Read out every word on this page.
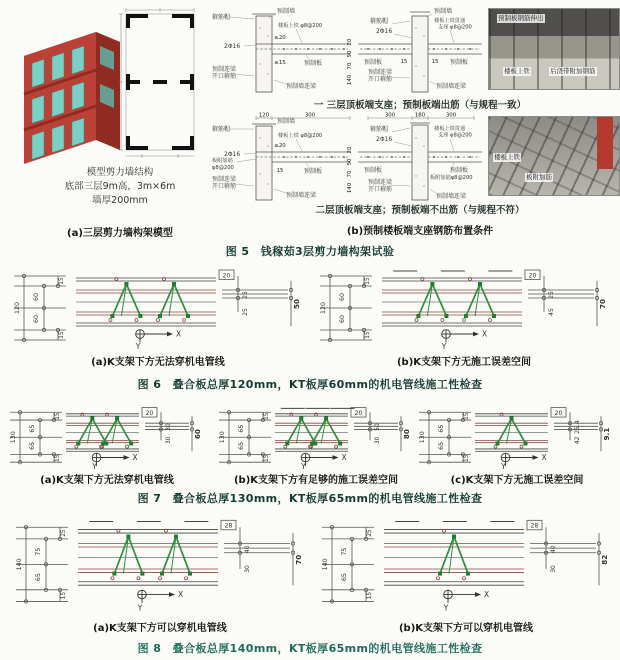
模型剪力墙结构
底部三层9m高，3m×6m
墙厚200mm
(a)三层剪力墙构架模型
箍筋帽
预制墙
楼板上铁 φ8@200
2Φ16
≥20
≥15	预制板
预制连梁
开口箍筋
预制墙连梁
20
50
70
140
预制墙
箍筋帽
2Φ16
楼板上铁贯通
支座 φ8@200
预制板	15	15 预制板
预制连梁
开口箍筋
预制墙连梁
预制板钢筋伸出
楼板上铁	后浇带附加钢筋
一 三层顶板端支座；预制板端出筋（与规程一致）
120	300
预制墙
箍筋帽
楼板上铁 φ8@200
2Φ16
板附加筋
φ8@200
≥20
15	预制板
预制连梁
开口箍筋
预制墙连梁
20
50
70
140
300	180	300
箍筋帽
2Φ16
楼板上铁贯通
支座 φ8@200
预制板	预制板
板附加筋φ8@200
预制连梁
开口箍筋
预制墙连梁
楼板上铁
板附加筋
二层顶板端支座；预制板端不出筋（与规程不符）
(b)预制楼板端支座钢筋布置条件
图 5　钱稼茹3层剪力墙构架试验
120
60
60
15
15
20
25
25
50
X
Y
120
60
60
15
15
20
25
45
70
X
Y
(a)K支架下方无法穿机电管线	(b)K支架下方无施工误差空间
图 6　叠合板总厚120mm，KT板厚60mm的机电管线施工性检查
130
65
65
15
15
20
30
30
60
X
Y
130
65
65
15
15
20
50
30
80
X
Y
130
65
65
15
15
20
25.4
42	9.1
X
Y
(a)K支架下方无法穿机电管线	(b)K支架下方有足够的施工误差空间	(c)K支架下方无施工误差空间
图 7　叠合板总厚130mm，KT板厚65mm的机电管线施工性检查
140
75
65
25
15
28
40
30
70
X
Y
140
75
65
25
15
28
40
30
82
X
Y
(a)K支架下方可以穿机电管线	(b)K支架下方可以穿机电管线
图 8　叠合板总厚140mm，KT板厚65mm的机电管线施工性检查
